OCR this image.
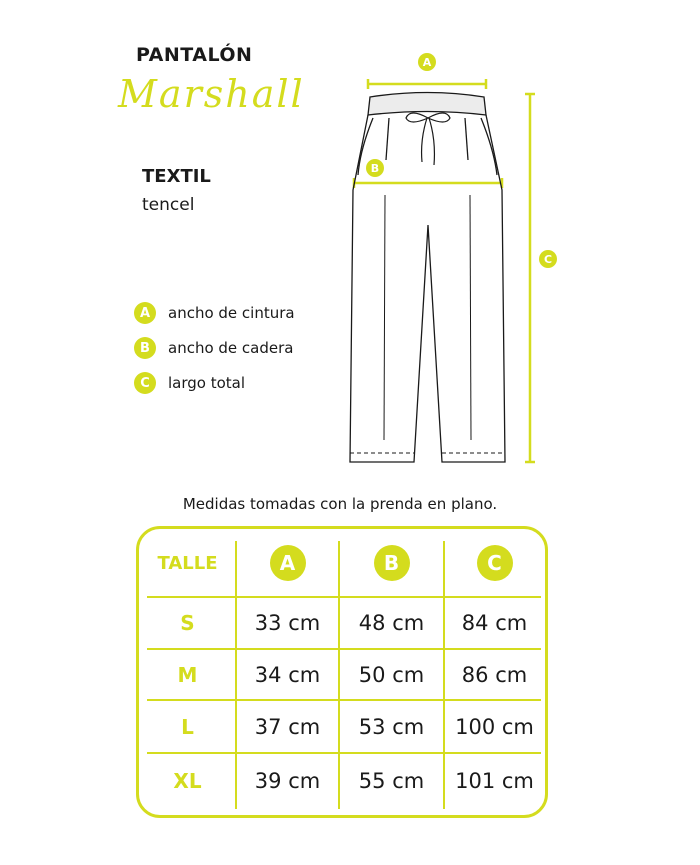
PANTALÓN
Marshall
TEXTIL
tencel
A	ancho de cintura
B	ancho de cadera
C	largo total
A
B
C
Medidas tomadas con la prenda en plano.
TALLE	A	B	C
S	33 cm	48 cm	84 cm
M	34 cm	50 cm	86 cm
L	37 cm	53 cm	100 cm
XL	39 cm	55 cm	101 cm
